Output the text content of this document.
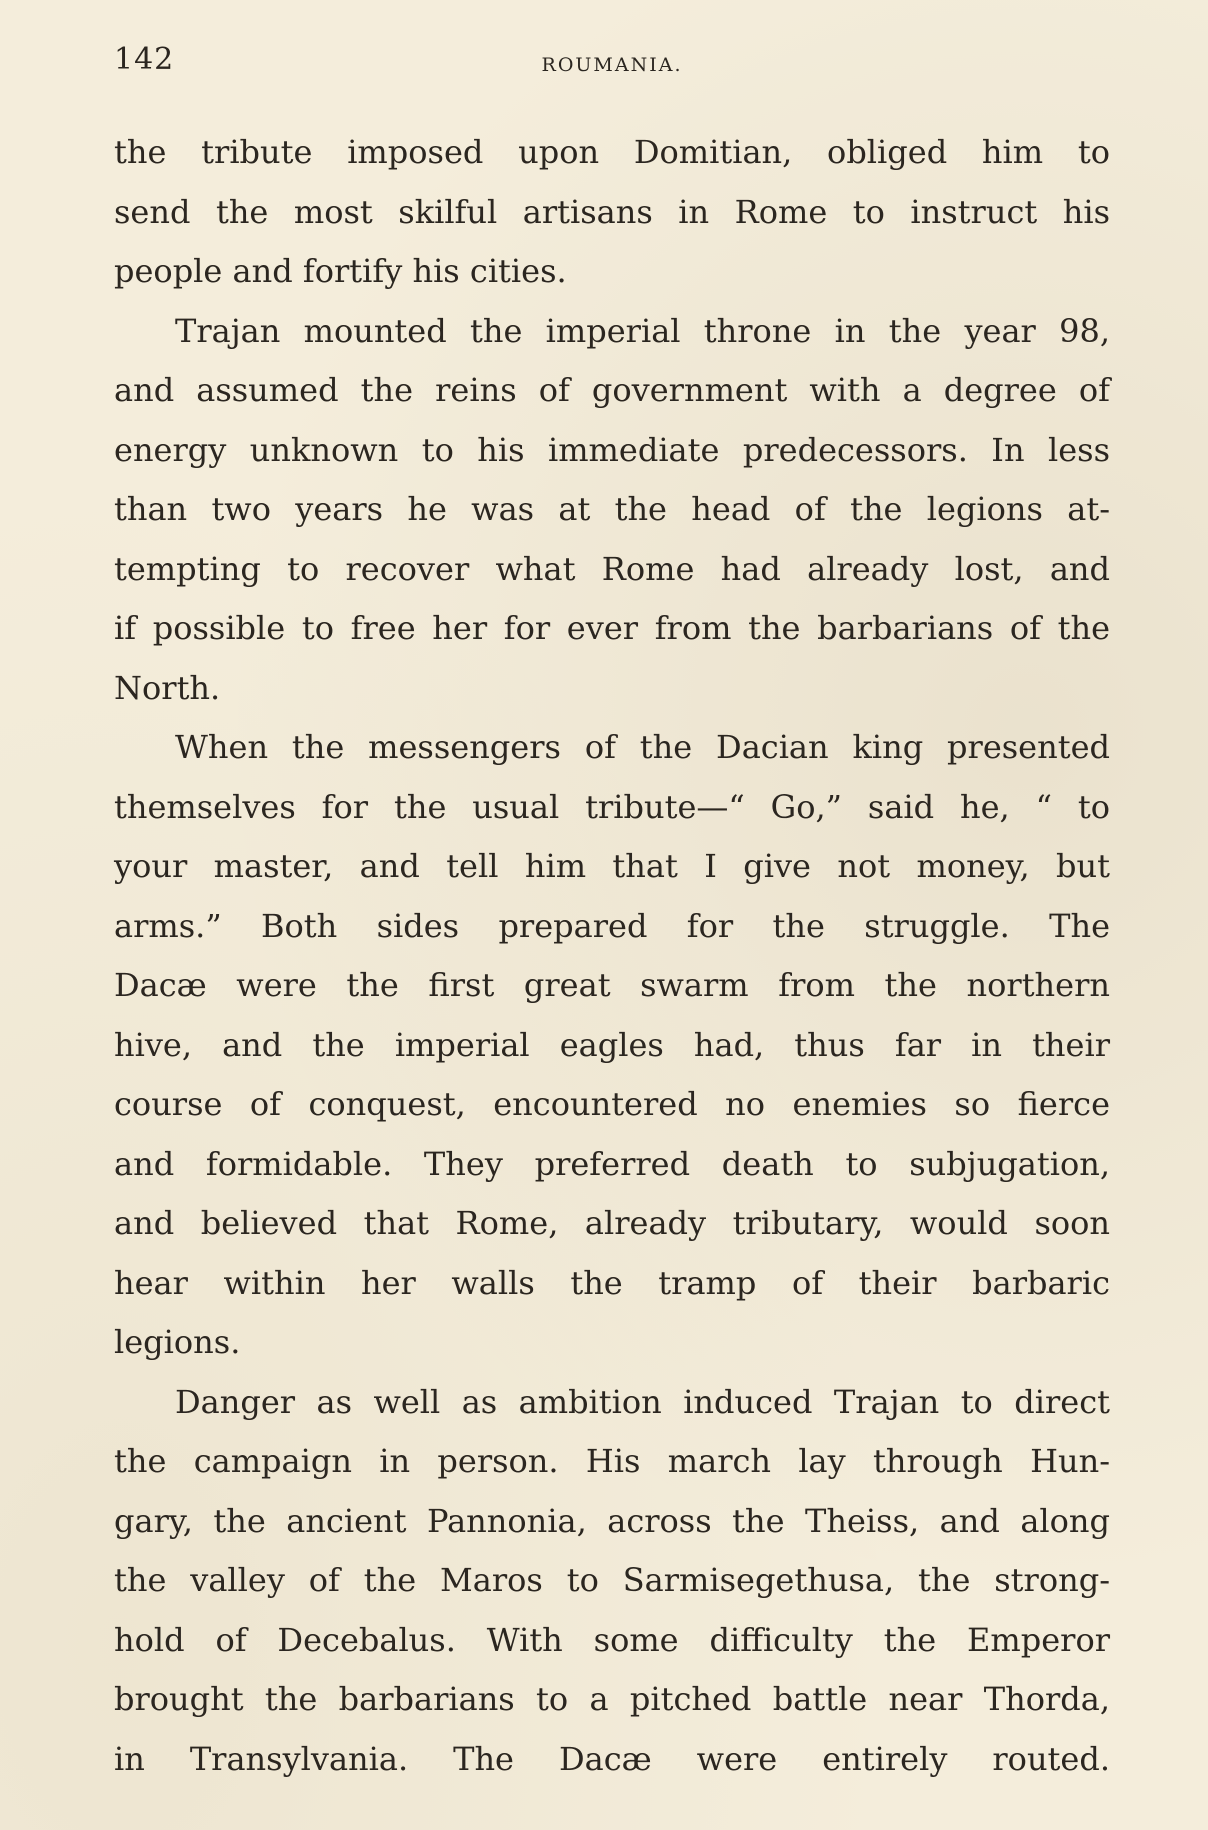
142	ROUMANIA.
the tribute imposed upon Domitian, obliged him to
send the most skilful artisans in Rome to instruct his
people and fortify his cities.
Trajan mounted the imperial throne in the year 98,
and assumed the reins of government with a degree of
energy unknown to his immediate predecessors. In less
than two years he was at the head of the legions at-
tempting to recover what Rome had already lost, and
if possible to free her for ever from the barbarians of the
North.
When the messengers of the Dacian king presented
themselves for the usual tribute—“ Go,” said he, “ to
your master, and tell him that I give not money, but
arms.” Both sides prepared for the struggle. The
Dacæ were the first great swarm from the northern
hive, and the imperial eagles had, thus far in their
course of conquest, encountered no enemies so fierce
and formidable. They preferred death to subjugation,
and believed that Rome, already tributary, would soon
hear within her walls the tramp of their barbaric
legions.
Danger as well as ambition induced Trajan to direct
the campaign in person. His march lay through Hun-
gary, the ancient Pannonia, across the Theiss, and along
the valley of the Maros to Sarmisegethusa, the strong-
hold of Decebalus. With some difficulty the Emperor
brought the barbarians to a pitched battle near Thorda,
in Transylvania. The Dacæ were entirely routed.
